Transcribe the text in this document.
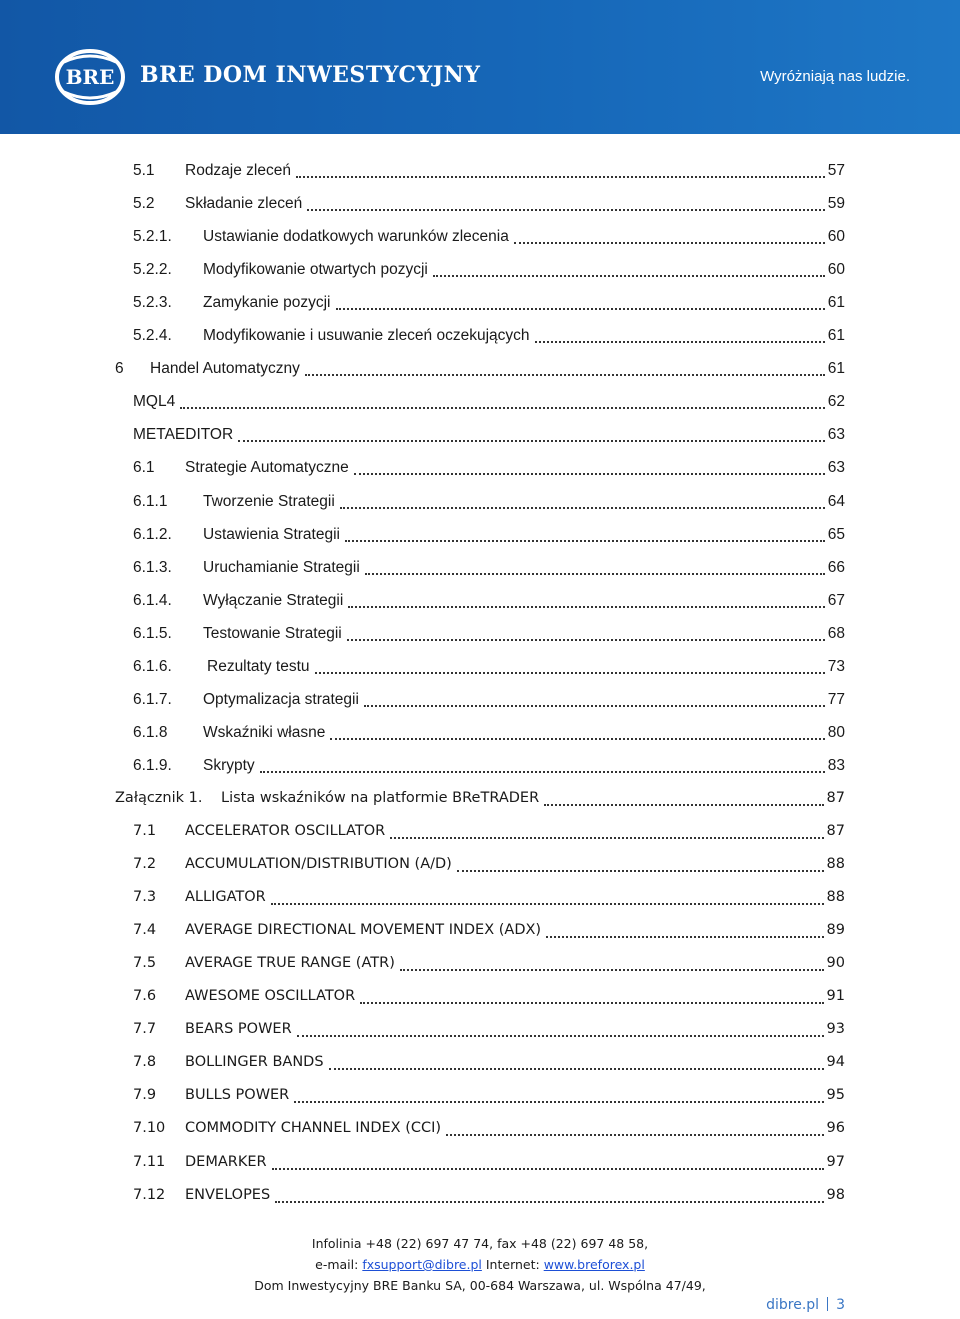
BRE BRE DOM INWESTYCYJNY	Wyróżniają nas ludzie.
5.1	Rodzaje zleceń	57
5.2	Składanie zleceń	59
5.2.1.	Ustawianie dodatkowych warunków zlecenia	60
5.2.2.	Modyfikowanie otwartych pozycji	60
5.2.3.	Zamykanie pozycji	61
5.2.4.	Modyfikowanie i usuwanie zleceń oczekujących	61
6	Handel Automatyczny	61
MQL4	62
METAEDITOR	63
6.1	Strategie Automatyczne	63
6.1.1	Tworzenie Strategii	64
6.1.2.	Ustawienia Strategii	65
6.1.3.	Uruchamianie Strategii	66
6.1.4.	Wyłączanie Strategii	67
6.1.5.	Testowanie Strategii	68
6.1.6.	Rezultaty testu	73
6.1.7.	Optymalizacja strategii	77
6.1.8	Wskaźniki własne	80
6.1.9.	Skrypty	83
Załącznik 1.	Lista wskaźników na platformie BReTRADER	87
7.1	ACCELERATOR OSCILLATOR	87
7.2	ACCUMULATION/DISTRIBUTION (A/D)	88
7.3	ALLIGATOR	88
7.4	AVERAGE DIRECTIONAL MOVEMENT INDEX (ADX)	89
7.5	AVERAGE TRUE RANGE (ATR)	90
7.6	AWESOME OSCILLATOR	91
7.7	BEARS POWER	93
7.8	BOLLINGER BANDS	94
7.9	BULLS POWER	95
7.10	COMMODITY CHANNEL INDEX (CCI)	96
7.11	DEMARKER	97
7.12	ENVELOPES	98
Infolinia +48 (22) 697 47 74, fax +48 (22) 697 48 58,
e-mail: fxsupport@dibre.pl Internet: www.breforex.pl
Dom Inwestycyjny BRE Banku SA, 00-684 Warszawa, ul. Wspólna 47/49,
dibre.pl 3
